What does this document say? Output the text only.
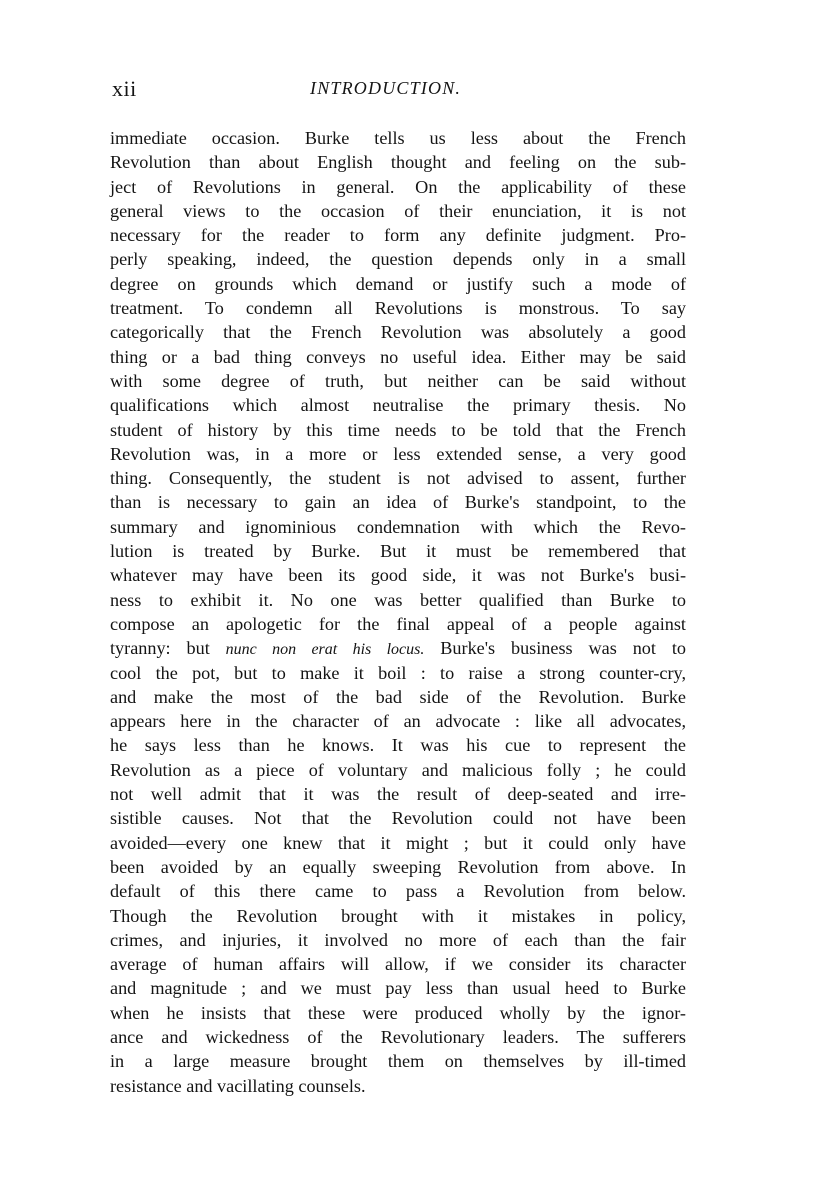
xii	INTRODUCTION.
immediate occasion. Burke tells us less about the French
Revolution than about English thought and feeling on the sub-
ject of Revolutions in general. On the applicability of these
general views to the occasion of their enunciation, it is not
necessary for the reader to form any definite judgment. Pro-
perly speaking, indeed, the question depends only in a small
degree on grounds which demand or justify such a mode of
treatment. To condemn all Revolutions is monstrous. To say
categorically that the French Revolution was absolutely a good
thing or a bad thing conveys no useful idea. Either may be said
with some degree of truth, but neither can be said without
qualifications which almost neutralise the primary thesis. No
student of history by this time needs to be told that the French
Revolution was, in a more or less extended sense, a very good
thing. Consequently, the student is not advised to assent, further
than is necessary to gain an idea of Burke's standpoint, to the
summary and ignominious condemnation with which the Revo-
lution is treated by Burke. But it must be remembered that
whatever may have been its good side, it was not Burke's busi-
ness to exhibit it. No one was better qualified than Burke to
compose an apologetic for the final appeal of a people against
tyranny: but nunc non erat his locus. Burke's business was not to
cool the pot, but to make it boil : to raise a strong counter-cry,
and make the most of the bad side of the Revolution. Burke
appears here in the character of an advocate : like all advocates,
he says less than he knows. It was his cue to represent the
Revolution as a piece of voluntary and malicious folly ; he could
not well admit that it was the result of deep-seated and irre-
sistible causes. Not that the Revolution could not have been
avoided—every one knew that it might ; but it could only have
been avoided by an equally sweeping Revolution from above. In
default of this there came to pass a Revolution from below.
Though the Revolution brought with it mistakes in policy,
crimes, and injuries, it involved no more of each than the fair
average of human affairs will allow, if we consider its character
and magnitude ; and we must pay less than usual heed to Burke
when he insists that these were produced wholly by the ignor-
ance and wickedness of the Revolutionary leaders. The sufferers
in a large measure brought them on themselves by ill-timed
resistance and vacillating counsels.
